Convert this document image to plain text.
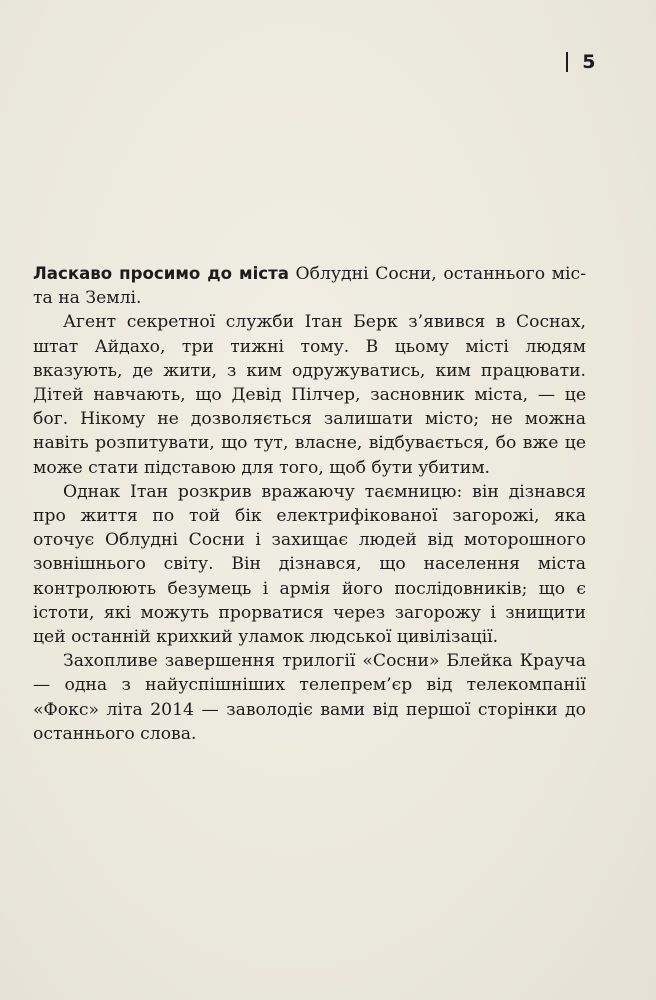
5

Ласкаво просимо до міста Облудні Сосни, останнього міста на Землі.

Агент секретної служби Ітан Берк з’явився в Соснах, штат Айдахо, три тижні тому. В цьому місті людям вказують, де жити, з ким одружуватись, ким працювати. Дітей навчають, що Девід Пілчер, засновник міста, — це бог. Нікому не дозволяється залишати місто; не можна навіть розпитувати, що тут, власне, відбувається, бо вже це може стати підставою для того, щоб бути убитим.

Однак Ітан розкрив вражаючу таємницю: він дізнався про життя по той бік електрифікованої загорожі, яка оточує Облудні Сосни і захищає людей від моторошного зовнішнього світу. Він дізнався, що населення міста контролюють безумець і армія його послідовників; що є істоти, які можуть прорватися через загорожу і знищити цей останній крихкий уламок людської цивілізації.

Захопливе завершення трилогії «Сосни» Блейка Крауча — одна з найуспішніших телепрем’єр від телекомпанії «Фокс» літа 2014 — заволодіє вами від першої сторінки до останнього слова.
